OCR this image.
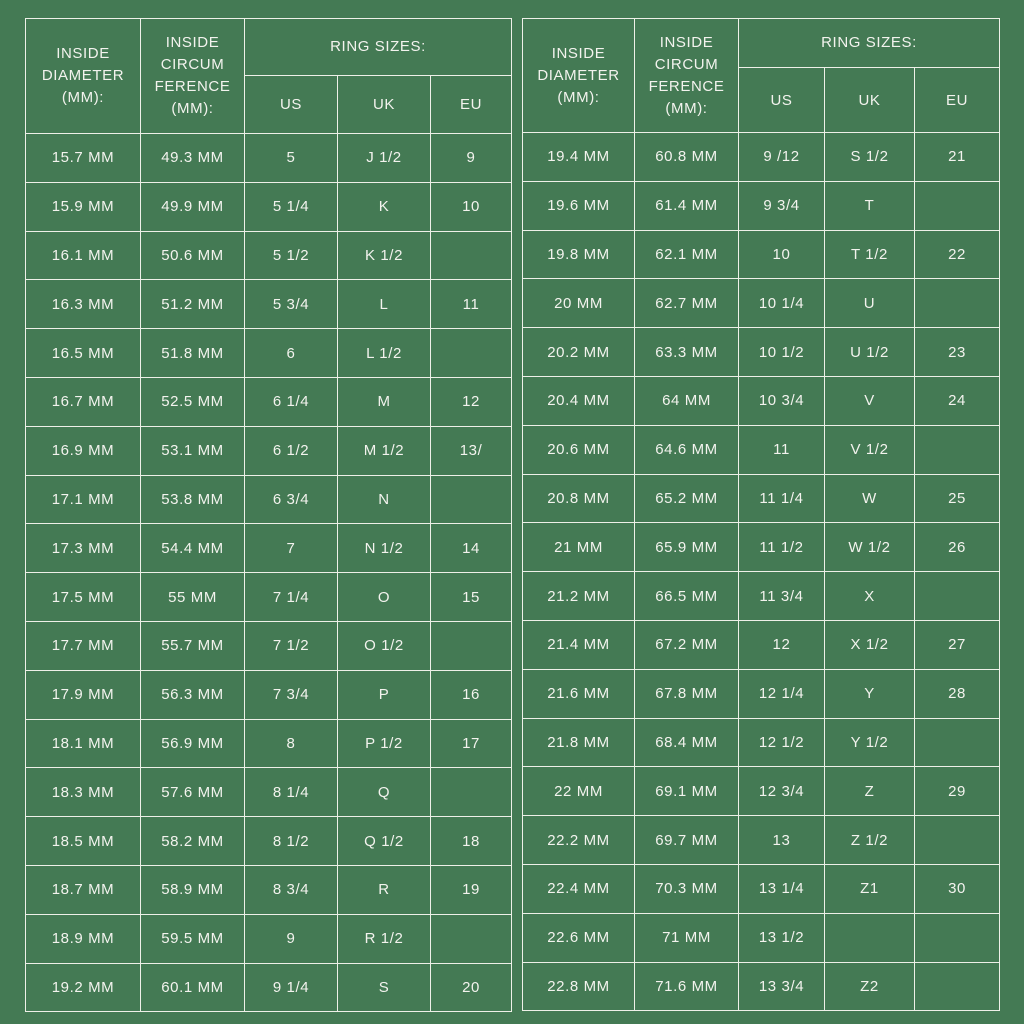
INSIDE
DIAMETER
(MM):	INSIDE
CIRCUM
FERENCE
(MM):	RING SIZES:		
		US	UK	EU
15.7 MM	49.3 MM	5	J 1/2	9
15.9 MM	49.9 MM	5 1/4	K	10
16.1 MM	50.6 MM	5 1/2	K 1/2	
16.3 MM	51.2 MM	5 3/4	L	11
16.5 MM	51.8 MM	6	L 1/2	
16.7 MM	52.5 MM	6 1/4	M	12
16.9 MM	53.1 MM	6 1/2	M 1/2	13/
17.1 MM	53.8 MM	6 3/4	N	
17.3 MM	54.4 MM	7	N 1/2	14
17.5 MM	55 MM	7 1/4	O	15
17.7 MM	55.7 MM	7 1/2	O 1/2	
17.9 MM	56.3 MM	7 3/4	P	16
18.1 MM	56.9 MM	8	P 1/2	17
18.3 MM	57.6 MM	8 1/4	Q	
18.5 MM	58.2 MM	8 1/2	Q 1/2	18
18.7 MM	58.9 MM	8 3/4	R	19
18.9 MM	59.5 MM	9	R 1/2	
19.2 MM	60.1 MM	9 1/4	S	20
INSIDE
DIAMETER
(MM):	INSIDE
CIRCUM
FERENCE
(MM):	RING SIZES:		
		US	UK	EU
19.4 MM	60.8 MM	9 /12	S 1/2	21
19.6 MM	61.4 MM	9 3/4	T	
19.8 MM	62.1 MM	10	T 1/2	22
20 MM	62.7 MM	10 1/4	U	
20.2 MM	63.3 MM	10 1/2	U 1/2	23
20.4 MM	64 MM	10 3/4	V	24
20.6 MM	64.6 MM	11	V 1/2	
20.8 MM	65.2 MM	11 1/4	W	25
21 MM	65.9 MM	11 1/2	W 1/2	26
21.2 MM	66.5 MM	11 3/4	X	
21.4 MM	67.2 MM	12	X 1/2	27
21.6 MM	67.8 MM	12 1/4	Y	28
21.8 MM	68.4 MM	12 1/2	Y 1/2	
22 MM	69.1 MM	12 3/4	Z	29
22.2 MM	69.7 MM	13	Z 1/2	
22.4 MM	70.3 MM	13 1/4	Z1	30
22.6 MM	71 MM	13 1/2		
22.8 MM	71.6 MM	13 3/4	Z2	
